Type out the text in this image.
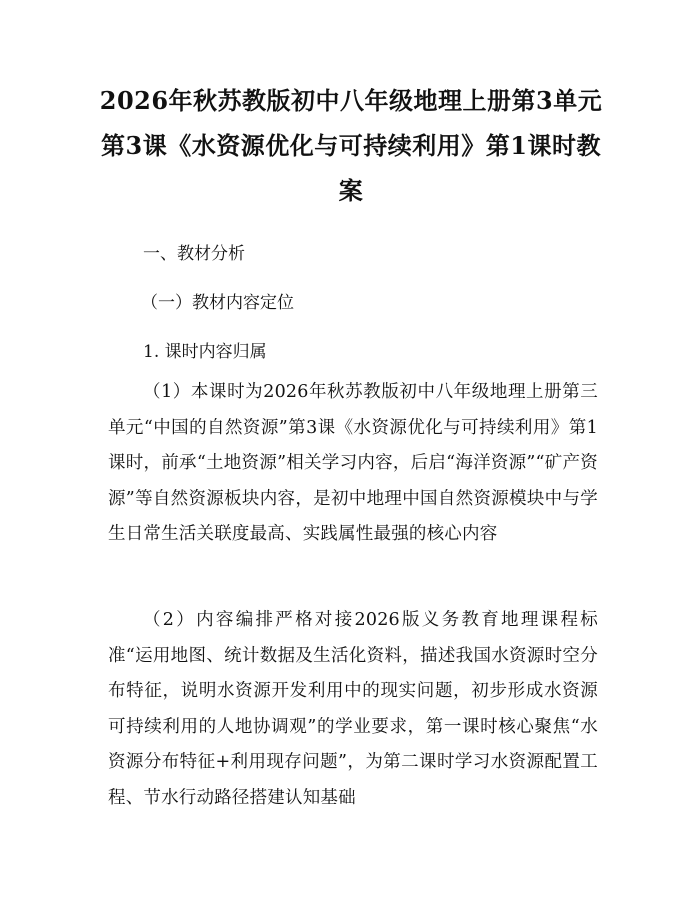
2026年秋苏教版初中八年级地理上册第3单元第3课《水资源优化与可持续利用》第1课时教案

一、教材分析

（一）教材内容定位

1. 课时内容归属

（1）本课时为2026年秋苏教版初中八年级地理上册第三单元“中国的自然资源”第3课《水资源优化与可持续利用》第1课时，前承“土地资源”相关学习内容，后启“海洋资源”“矿产资源”等自然资源板块内容，是初中地理中国自然资源模块中与学生日常生活关联度最高、实践属性最强的核心内容

（2）内容编排严格对接2026版义务教育地理课程标准“运用地图、统计数据及生活化资料，描述我国水资源时空分布特征，说明水资源开发利用中的现实问题，初步形成水资源可持续利用的人地协调观”的学业要求，第一课时核心聚焦“水资源分布特征+利用现存问题”，为第二课时学习水资源配置工程、节水行动路径搭建认知基础
